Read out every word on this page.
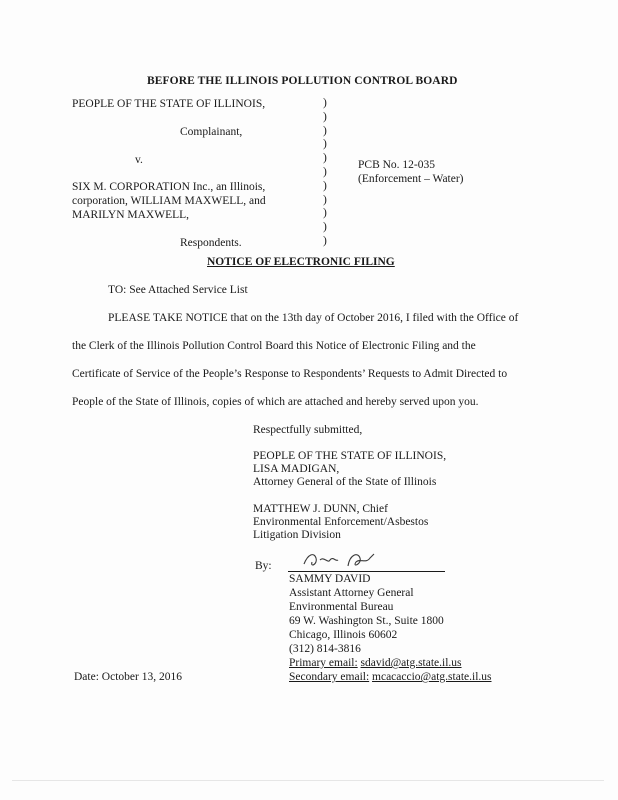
BEFORE THE ILLINOIS POLLUTION CONTROL BOARD
PEOPLE OF THE STATE OF ILLINOIS,
Complainant,
v.
SIX M. CORPORATION Inc., an Illinois,
corporation, WILLIAM MAXWELL, and
MARILYN MAXWELL,
Respondents.
)
)
)
)
)
)
)
)
)
)
)
PCB No. 12-035
(Enforcement – Water)
NOTICE OF ELECTRONIC FILING
TO: See Attached Service List
PLEASE TAKE NOTICE that on the 13th day of October 2016, I filed with the Office of
the Clerk of the Illinois Pollution Control Board this Notice of Electronic Filing and the
Certificate of Service of the People’s Response to Respondents’ Requests to Admit Directed to
People of the State of Illinois, copies of which are attached and hereby served upon you.
Respectfully submitted,
PEOPLE OF THE STATE OF ILLINOIS,
LISA MADIGAN,
Attorney General of the State of Illinois
MATTHEW J. DUNN, Chief
Environmental Enforcement/Asbestos
Litigation Division
By:
SAMMY DAVID
Assistant Attorney General
Environmental Bureau
69 W. Washington St., Suite 1800
Chicago, Illinois 60602
(312) 814-3816
Primary email: sdavid@atg.state.il.us
Secondary email: mcacaccio@atg.state.il.us
Date: October 13, 2016
